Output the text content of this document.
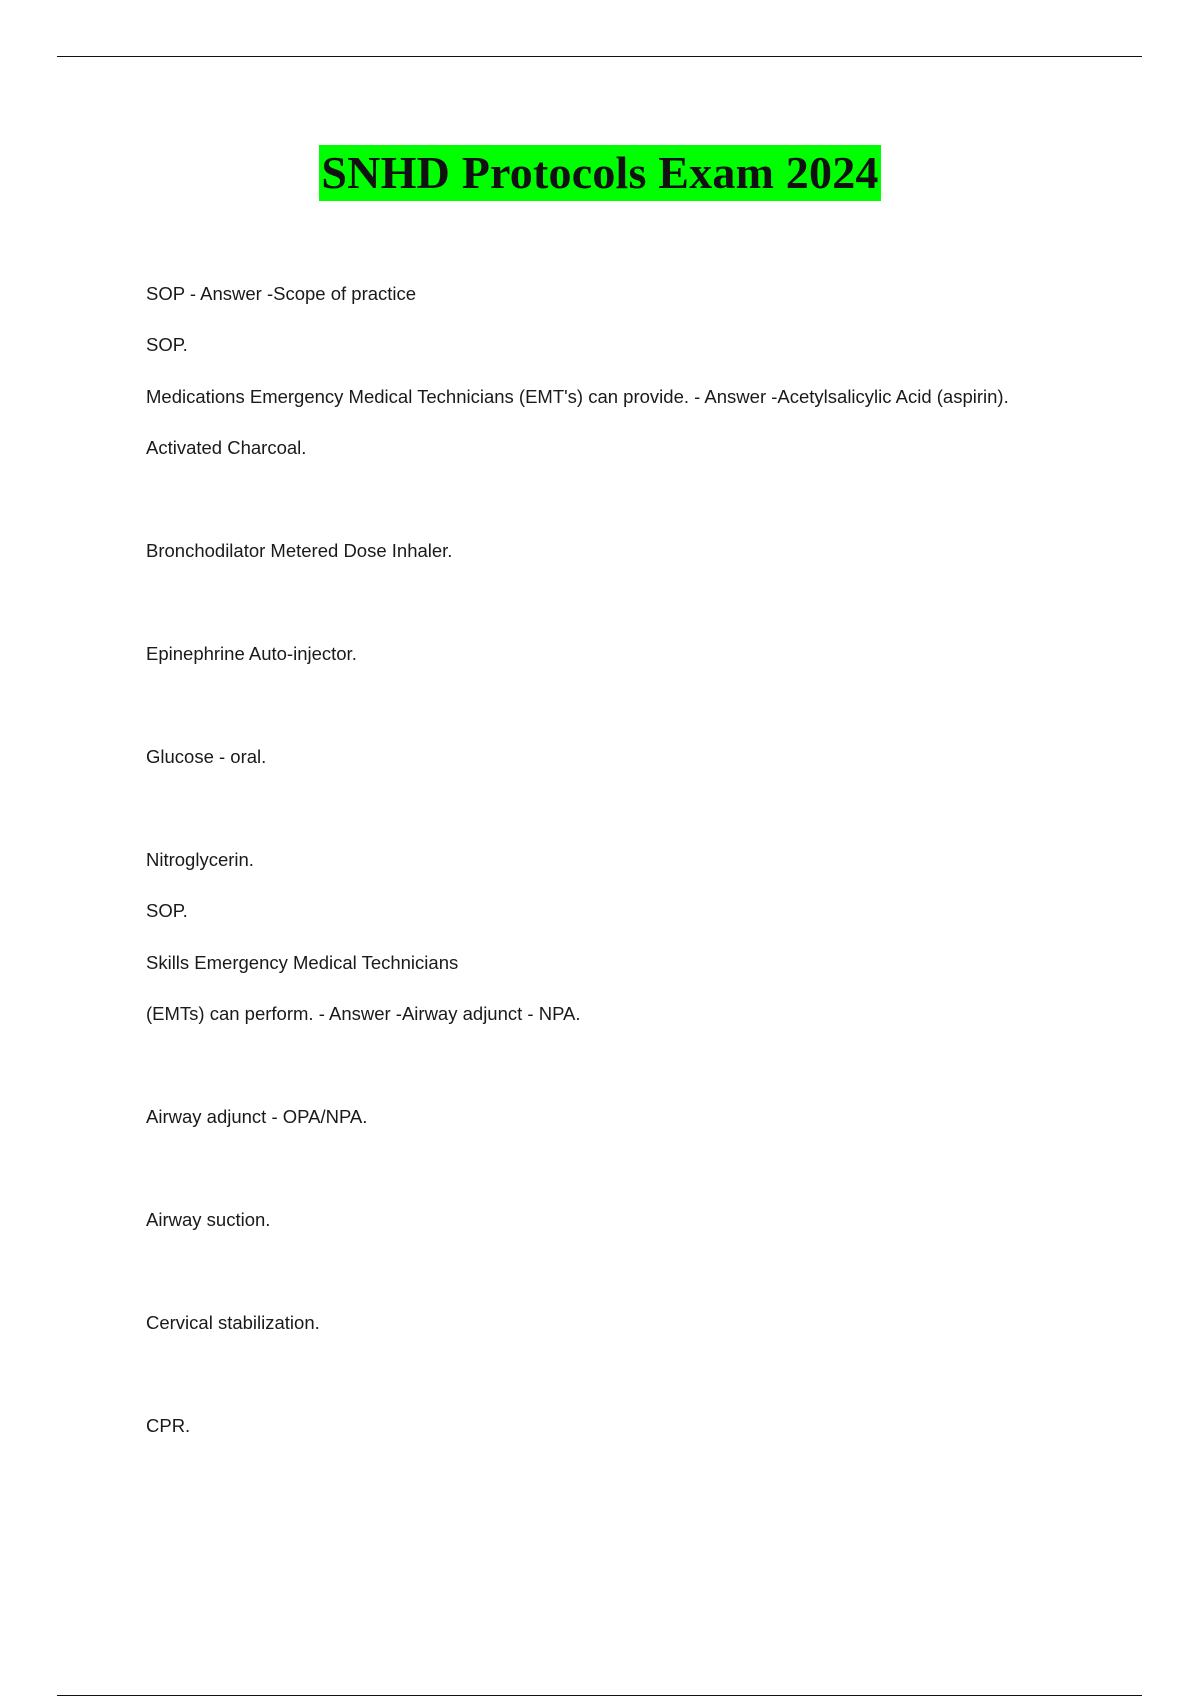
SNHD Protocols Exam 2024
SOP - Answer -Scope of practice
SOP.
Medications Emergency Medical Technicians (EMT's) can provide. - Answer -Acetylsalicylic Acid (aspirin).
Activated Charcoal.
Bronchodilator Metered Dose Inhaler.
Epinephrine Auto-injector.
Glucose - oral.
Nitroglycerin.
SOP.
Skills Emergency Medical Technicians
(EMTs) can perform. - Answer -Airway adjunct - NPA.
Airway adjunct - OPA/NPA.
Airway suction.
Cervical stabilization.
CPR.
